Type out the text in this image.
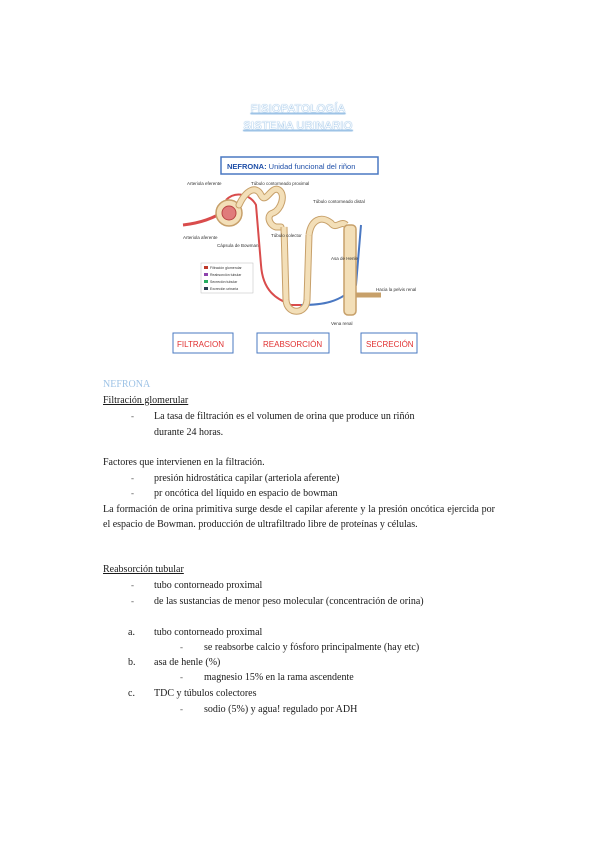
FISIOPATOLOGÍA
SISTEMA URINARIO
NEFRONA: Unidad funcional del riñon
Arteriola eferente
Arteriola aferente
Cápsula de Bowman
Túbulo contorneado proximal
Túbulo contorneado distal
Túbulo colector
Asa de Henle
Vena renal
Hacia la pelvis renal
Filtración glomerular
Reabsorción tubular
Secreción tubular
Excreción urinaria
FILTRACION	REABSORCIÓN	SECRECIÓN
NEFRONA
Filtración glomerular
- La tasa de filtración es el volumen de orina que produce un riñón
durante 24 horas.
Factores que intervienen en la filtración.
- presión hidrostática capilar (arteriola aferente)
- pr oncótica del líquido en espacio de bowman
La formación de orina primitiva surge desde el capilar aferente y la presión oncótica ejercida por el espacio de Bowman. producción de ultrafiltrado libre de proteínas y células.
Reabsorción tubular
- tubo contorneado proximal
- de las sustancias de menor peso molecular (concentración de orina)
a. tubo contorneado proximal
- se reabsorbe calcio y fósforo principalmente (hay etc)
b. asa de henle (%)
- magnesio 15% en la rama ascendente
c. TDC y túbulos colectores
- sodio (5%) y agua! regulado por ADH
